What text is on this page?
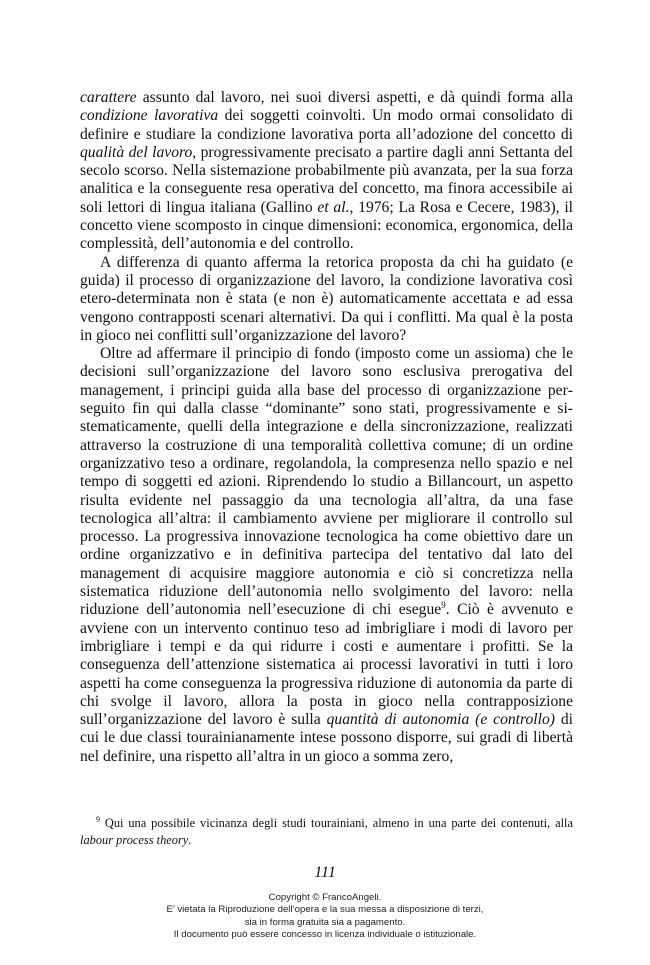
carattere assunto dal lavoro, nei suoi diversi aspetti, e dà quindi forma alla condizione lavorativa dei soggetti coinvolti. Un modo ormai consolidato di definire e studiare la condizione lavorativa porta all’adozione del concetto di qualità del lavoro, progressivamente precisato a partire dagli anni Settanta del secolo scorso. Nella sistemazione probabilmente più avanzata, per la sua forza analitica e la conseguente resa operativa del concetto, ma finora accessibile ai soli lettori di lingua italiana (Gallino et al., 1976; La Rosa e Cecere, 1983), il concetto viene scomposto in cinque dimensioni: economica, ergonomica, della complessità, dell’autonomia e del controllo.

A differenza di quanto afferma la retorica proposta da chi ha guidato (e guida) il processo di organizzazione del lavoro, la condizione lavorativa così etero-determinata non è stata (e non è) automaticamente accettata e ad essa vengono contrapposti scenari alternativi. Da qui i conflitti. Ma qual è la posta in gioco nei conflitti sull’organizzazione del lavoro?

Oltre ad affermare il principio di fondo (imposto come un assioma) che le decisioni sull’organizzazione del lavoro sono esclusiva prerogativa del management, i principi guida alla base del processo di organizzazione perseguito fin qui dalla classe “dominante” sono stati, progressivamente e sistematicamente, quelli della integrazione e della sincronizzazione, realizzati attraverso la costruzione di una temporalità collettiva comune; di un ordine organizzativo teso a ordinare, regolandola, la compresenza nello spazio e nel tempo di soggetti ed azioni. Riprendendo lo studio a Billancourt, un aspetto risulta evidente nel passaggio da una tecnologia all’altra, da una fase tecnologica all’altra: il cambiamento avviene per migliorare il controllo sul processo. La progressiva innovazione tecnologica ha come obiettivo dare un ordine organizzativo e in definitiva partecipa del tentativo dal lato del management di acquisire maggiore autonomia e ciò si concretizza nella sistematica riduzione dell’autonomia nello svolgimento del lavoro: nella riduzione dell’autonomia nell’esecuzione di chi esegue$^9$. Ciò è avvenuto e avviene con un intervento continuo teso ad imbrigliare i modi di lavoro per imbrigliare i tempi e da qui ridurre i costi e aumentare i profitti. Se la conseguenza dell’attenzione sistematica ai processi lavorativi in tutti i loro aspetti ha come conseguenza la progressiva riduzione di autonomia da parte di chi svolge il lavoro, allora la posta in gioco nella contrapposizione sull’organizzazione del lavoro è sulla quantità di autonomia (e controllo) di cui le due classi tourainianamente intese possono disporre, sui gradi di libertà nel definire, una rispetto all’altra in un gioco a somma zero,

$^9$ Qui una possibile vicinanza degli studi tourainiani, almeno in una parte dei contenuti, alla labour process theory.

111
Copyright © FrancoAngeli.
E’ vietata la Riproduzione dell’opera e la sua messa a disposizione di terzi,
sia in forma gratuita sia a pagamento.
Il documento può essere concesso in licenza individuale o istituzionale.
